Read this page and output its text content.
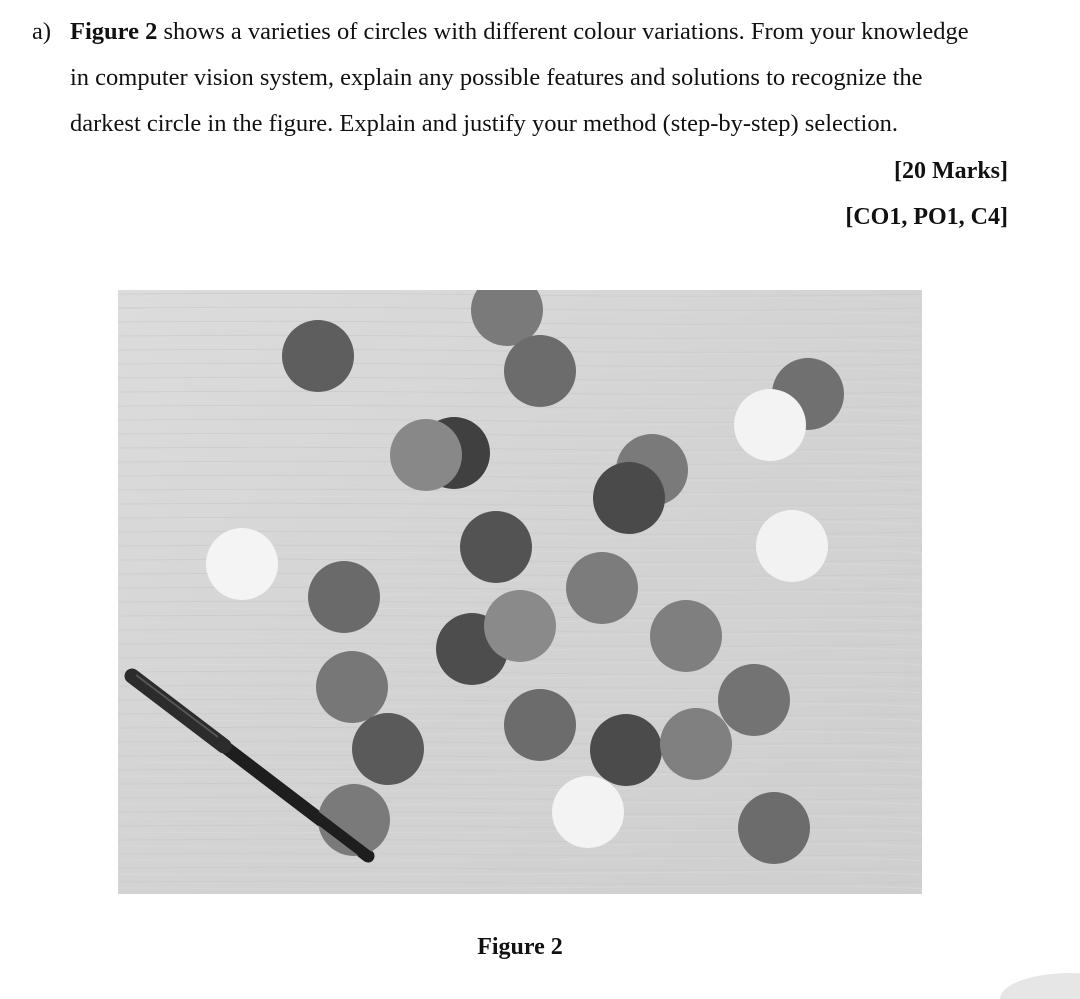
a) Figure 2 shows a varieties of circles with different colour variations. From your knowledge
in computer vision system, explain any possible features and solutions to recognize the
darkest circle in the figure. Explain and justify your method (step-by-step) selection.
[20 Marks]
[CO1, PO1, C4]
Figure 2
